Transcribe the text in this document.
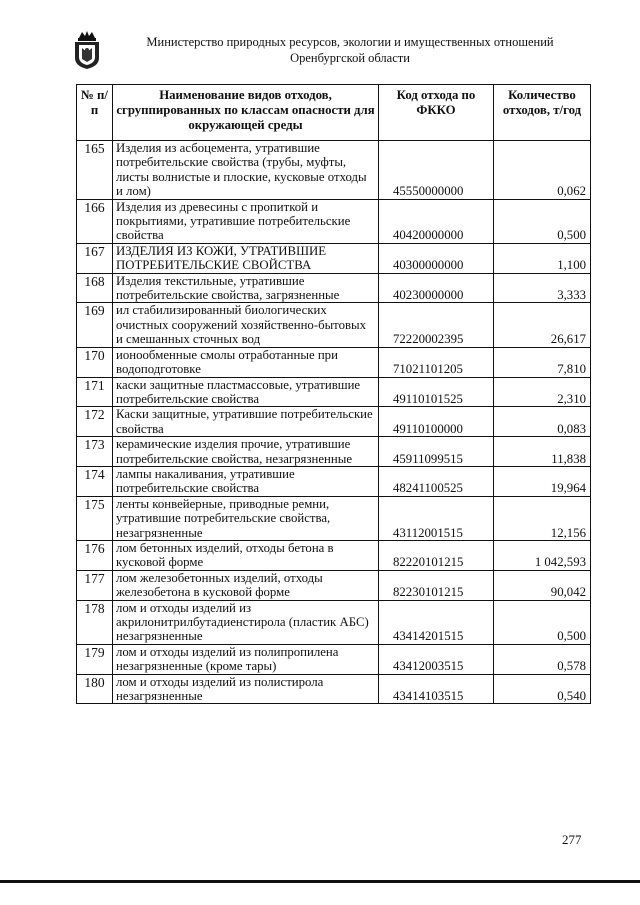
Министерство природных ресурсов, экологии и имущественных отношений
Оренбургской области
№ п/п	Наименование видов отходов, сгруппированных по классам опасности для окружающей среды	Код отхода по ФККО	Количество отходов, т/год
165	Изделия из асбоцемента, утратившие потребительские свойства (трубы, муфты, листы волнистые и плоские, кусковые отходы и лом)	45550000000	0,062
166	Изделия из древесины с пропиткой и покрытиями, утратившие потребительские свойства	40420000000	0,500
167	ИЗДЕЛИЯ ИЗ КОЖИ, УТРАТИВШИЕ ПОТРЕБИТЕЛЬСКИЕ СВОЙСТВА	40300000000	1,100
168	Изделия текстильные, утратившие потребительские свойства, загрязненные	40230000000	3,333
169	ил стабилизированный биологических очистных сооружений хозяйственно-бытовых и смешанных сточных вод	72220002395	26,617
170	ионообменные смолы отработанные при водоподготовке	71021101205	7,810
171	каски защитные пластмассовые, утратившие потребительские свойства	49110101525	2,310
172	Каски защитные, утратившие потребительские свойства	49110100000	0,083
173	керамические изделия прочие, утратившие потребительские свойства, незагрязненные	45911099515	11,838
174	лампы накаливания, утратившие потребительские свойства	48241100525	19,964
175	ленты конвейерные, приводные ремни, утратившие потребительские свойства, незагрязненные	43112001515	12,156
176	лом бетонных изделий, отходы бетона в кусковой форме	82220101215	1 042,593
177	лом железобетонных изделий, отходы железобетона в кусковой форме	82230101215	90,042
178	лом и отходы изделий из акрилонитрилбутадиенстирола (пластик АБС) незагрязненные	43414201515	0,500
179	лом и отходы изделий из полипропилена незагрязненные (кроме тары)	43412003515	0,578
180	лом и отходы изделий из полистирола незагрязненные	43414103515	0,540
277
